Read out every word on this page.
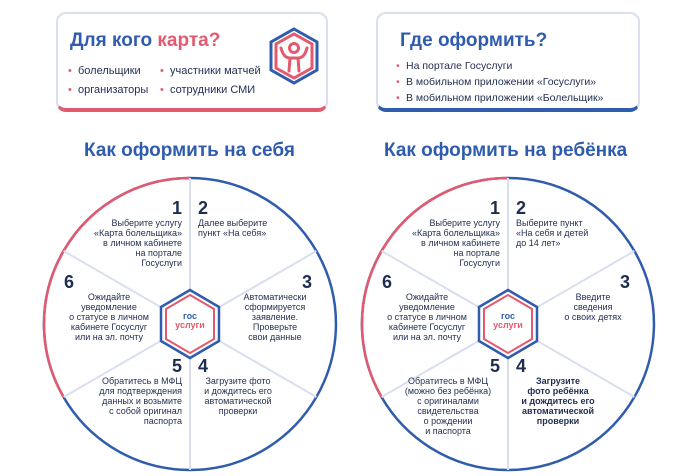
Для кого карта?
• болельщики
• организаторы
• участники матчей
• сотрудники СМИ
Где оформить?
• На портале Госуслуги
• В мобильном приложении «Госуслуги»
• В мобильном приложении «Болельщик»
Как оформить на себя	Как оформить на ребёнка
гос
услуги
1
Выберите услугу
«Карта болельщика»
в личном кабинете
на портале
Госуслуги
2
Далее выберите
пункт «На себя»
3
Автоматически
сформируется
заявление.
Проверьте
свои данные
4
Загрузите фото
и дождитесь его
автоматической
проверки
5
Обратитесь в МФЦ
для подтверждения
данных и возьмите
с собой оригинал
паспорта
6
Ожидайте
уведомление
о статусе в личном
кабинете Госуслуг
или на эл. почту
гос
услуги
1
Выберите услугу
«Карта болельщика»
в личном кабинете
на портале
Госуслуги
2
Выберите пункт
«На себя и детей
до 14 лет»
3
Введите
сведения
о своих детях
4
Загрузите
фото ребёнка
и дождитесь его
автоматической
проверки
5
Обратитесь в МФЦ
(можно без ребёнка)
с оригиналами
свидетельства
о рождении
и паспорта
6
Ожидайте
уведомление
о статусе в личном
кабинете Госуслуг
или на эл. почту
